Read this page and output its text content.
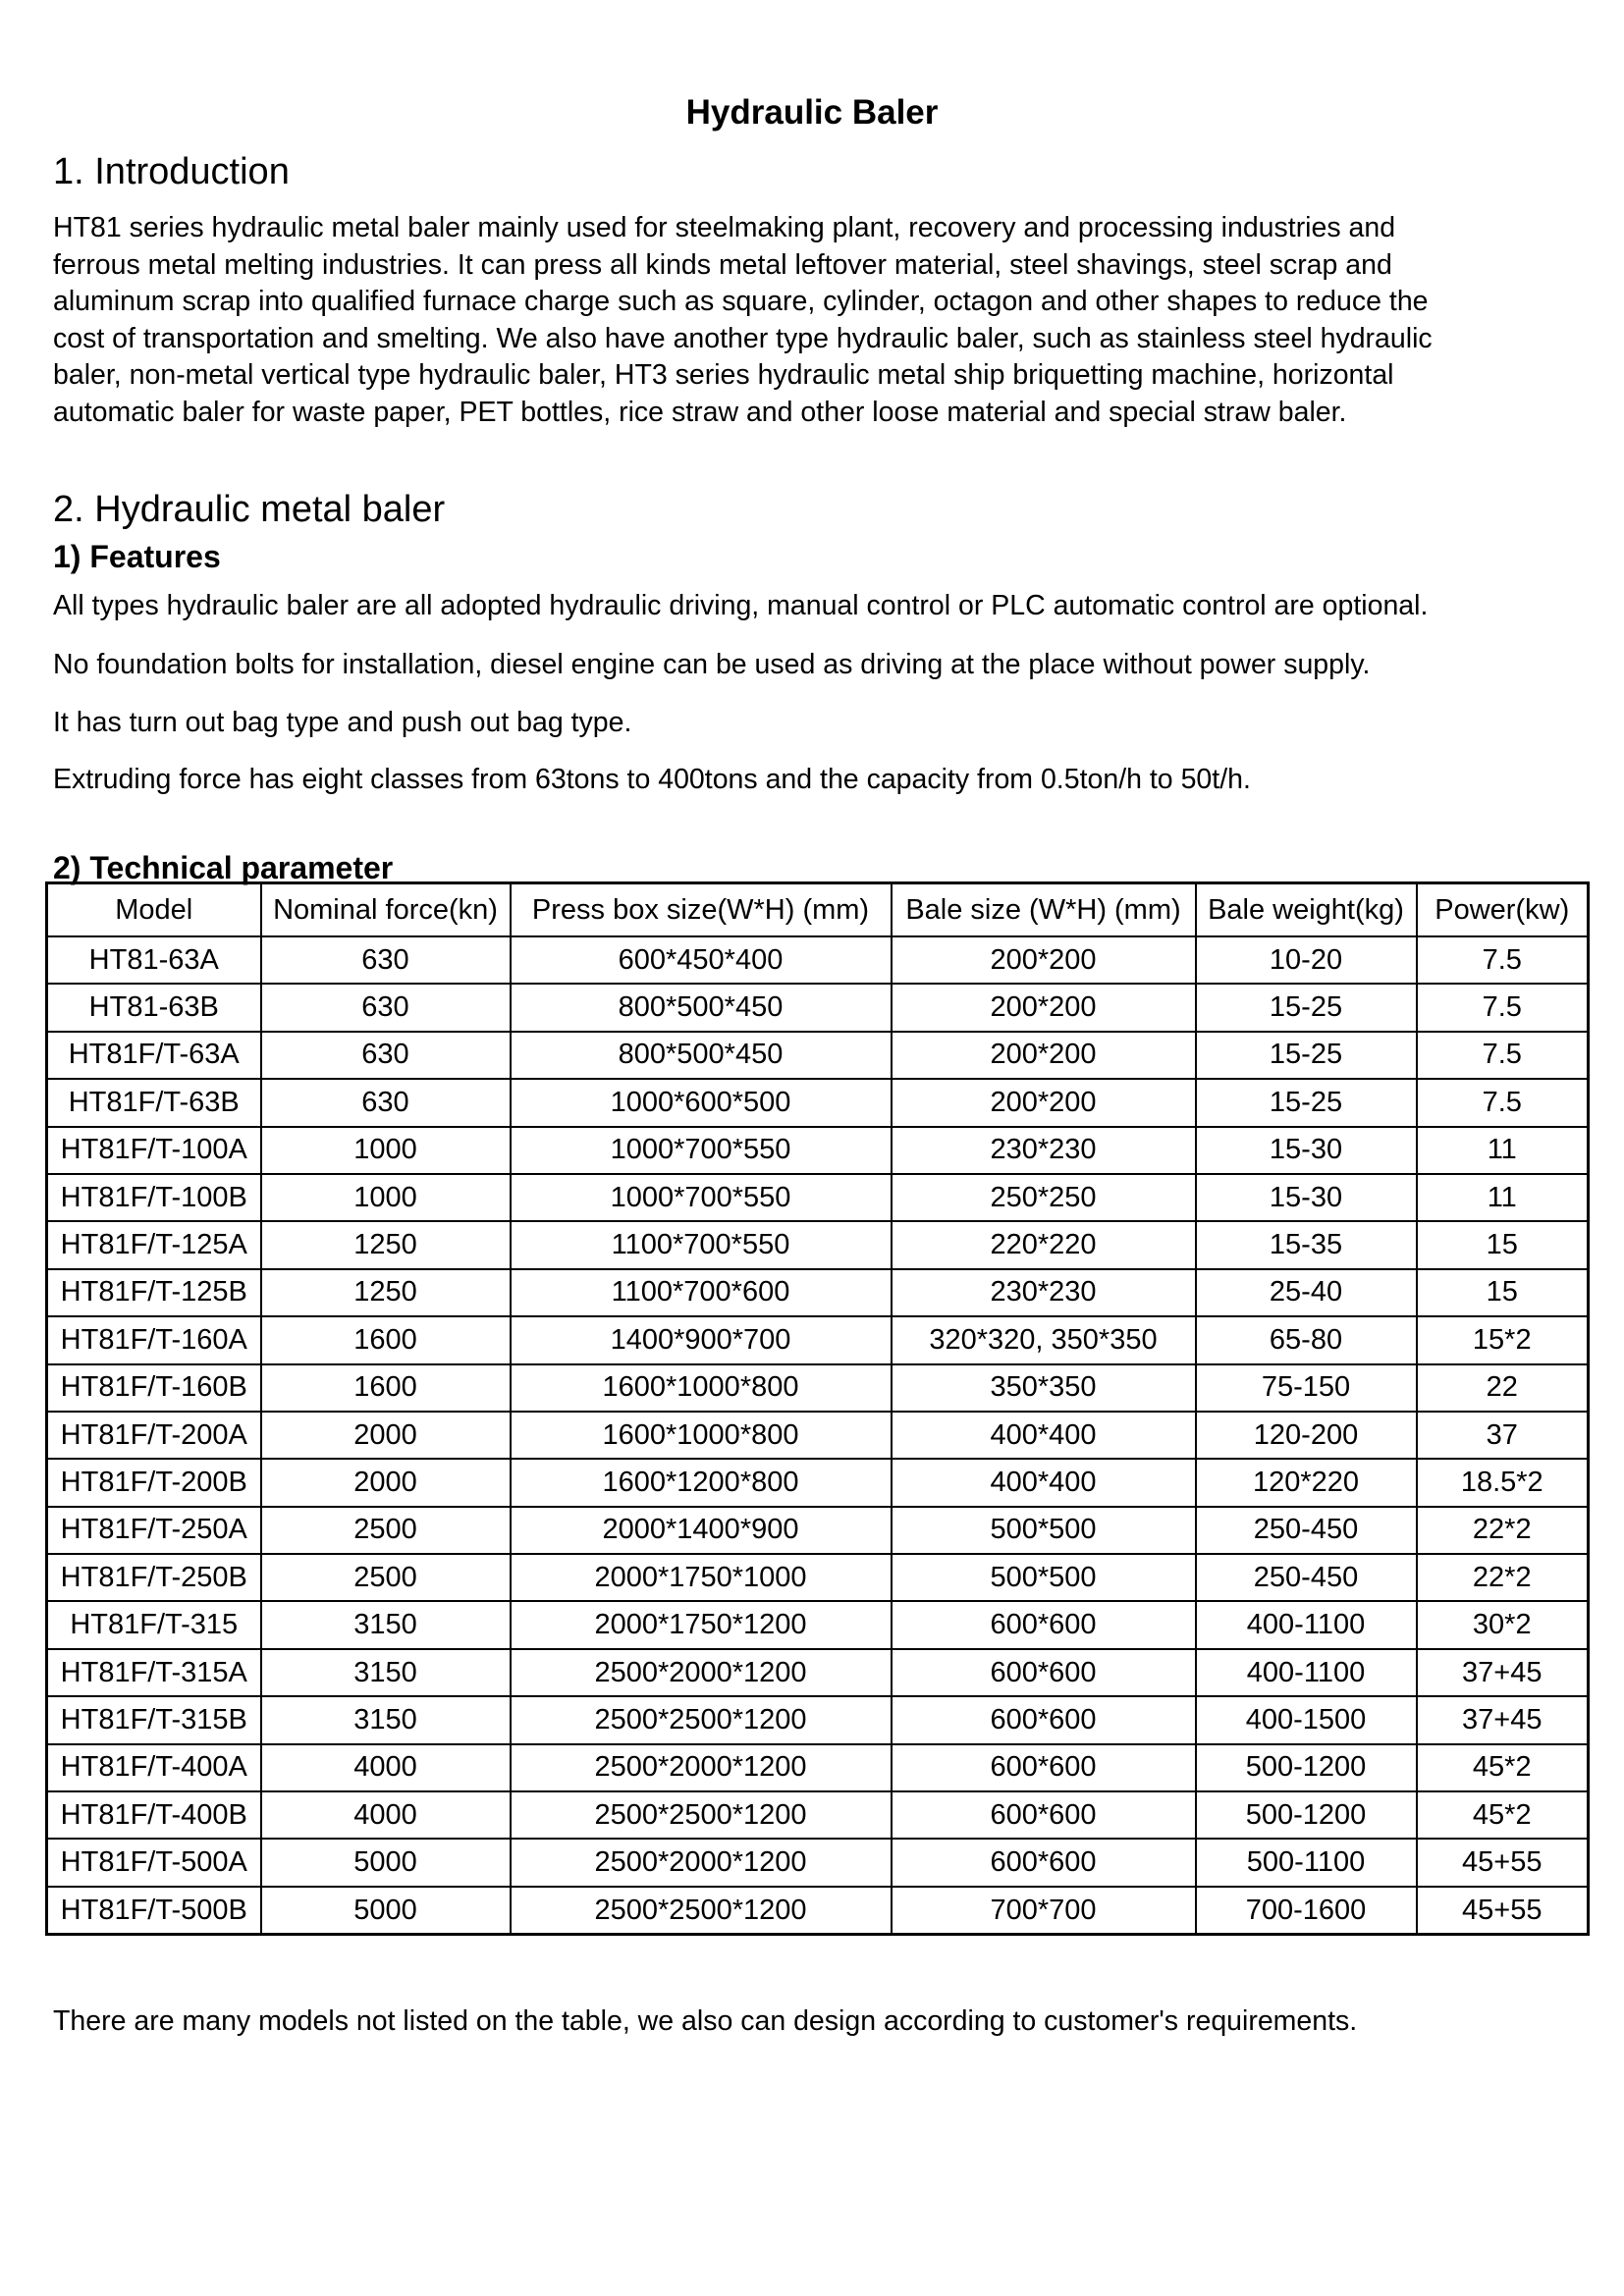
Hydraulic Baler
1. Introduction
HT81 series hydraulic metal baler mainly used for steelmaking plant, recovery and processing industries and
ferrous metal melting industries. It can press all kinds metal leftover material, steel shavings, steel scrap and
aluminum scrap into qualified furnace charge such as square, cylinder, octagon and other shapes to reduce the
cost of transportation and smelting. We also have another type hydraulic baler, such as stainless steel hydraulic
baler, non-metal vertical type hydraulic baler, HT3 series hydraulic metal ship briquetting machine, horizontal
automatic baler for waste paper, PET bottles, rice straw and other loose material and special straw baler.
2. Hydraulic metal baler
1) Features

All types hydraulic baler are all adopted hydraulic driving, manual control or PLC automatic control are optional.

No foundation bolts for installation, diesel engine can be used as driving at the place without power supply.

It has turn out bag type and push out bag type.

Extruding force has eight classes from 63tons to 400tons and the capacity from 0.5ton/h to 50t/h.

2) Technical parameter
Model	Nominal force(kn)	Press box size(W*H) (mm)	Bale size (W*H) (mm)	Bale weight(kg)	Power(kw)
HT81-63A	630	600*450*400	200*200	10-20	7.5
HT81-63B	630	800*500*450	200*200	15-25	7.5
HT81F/T-63A	630	800*500*450	200*200	15-25	7.5
HT81F/T-63B	630	1000*600*500	200*200	15-25	7.5
HT81F/T-100A	1000	1000*700*550	230*230	15-30	11
HT81F/T-100B	1000	1000*700*550	250*250	15-30	11
HT81F/T-125A	1250	1100*700*550	220*220	15-35	15
HT81F/T-125B	1250	1100*700*600	230*230	25-40	15
HT81F/T-160A	1600	1400*900*700	320*320, 350*350	65-80	15*2
HT81F/T-160B	1600	1600*1000*800	350*350	75-150	22
HT81F/T-200A	2000	1600*1000*800	400*400	120-200	37
HT81F/T-200B	2000	1600*1200*800	400*400	120*220	18.5*2
HT81F/T-250A	2500	2000*1400*900	500*500	250-450	22*2
HT81F/T-250B	2500	2000*1750*1000	500*500	250-450	22*2
HT81F/T-315	3150	2000*1750*1200	600*600	400-1100	30*2
HT81F/T-315A	3150	2500*2000*1200	600*600	400-1100	37+45
HT81F/T-315B	3150	2500*2500*1200	600*600	400-1500	37+45
HT81F/T-400A	4000	2500*2000*1200	600*600	500-1200	45*2
HT81F/T-400B	4000	2500*2500*1200	600*600	500-1200	45*2
HT81F/T-500A	5000	2500*2000*1200	600*600	500-1100	45+55
HT81F/T-500B	5000	2500*2500*1200	700*700	700-1600	45+55

There are many models not listed on the table, we also can design according to customer's requirements.
